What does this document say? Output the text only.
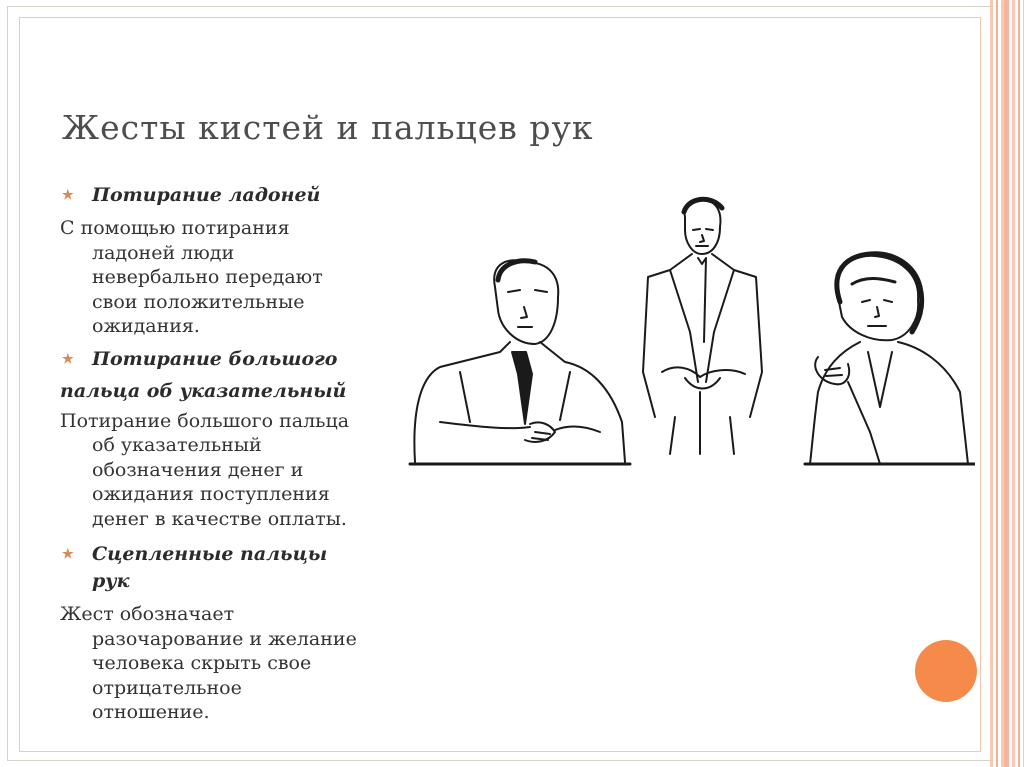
Жесты кистей и пальцев рук
★ Потирание ладоней
С помощью потирания
ладоней люди
невербально передают
свои положительные
ожидания.
★ Потирание большого
пальца об указательный
Потирание большого пальца
об указательный
обозначения денег и
ожидания поступления
денег в качестве оплаты.
★ Сцепленные пальцы
рук
Жест обозначает
разочарование и желание
человека скрыть свое
отрицательное
отношение.
